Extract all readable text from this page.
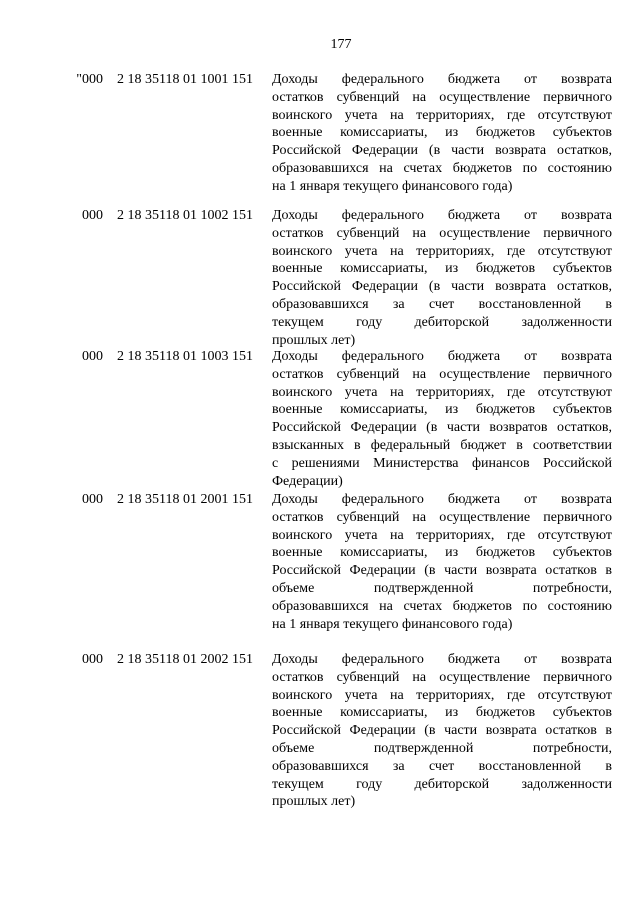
177
"000 2 18 35118 01 1001 151 Доходы федерального бюджета от возврата
остатков субвенций на осуществление первичного
воинского учета на территориях, где отсутствуют
военные комиссариаты, из бюджетов субъектов
Российской Федерации (в части возврата остатков,
образовавшихся на счетах бюджетов по состоянию
на 1 января текущего финансового года)
000 2 18 35118 01 1002 151 Доходы федерального бюджета от возврата
остатков субвенций на осуществление первичного
воинского учета на территориях, где отсутствуют
военные комиссариаты, из бюджетов субъектов
Российской Федерации (в части возврата остатков,
образовавшихся за счет восстановленной в
текущем году дебиторской задолженности
прошлых лет)
000 2 18 35118 01 1003 151 Доходы федерального бюджета от возврата
остатков субвенций на осуществление первичного
воинского учета на территориях, где отсутствуют
военные комиссариаты, из бюджетов субъектов
Российской Федерации (в части возвратов остатков,
взысканных в федеральный бюджет в соответствии
с решениями Министерства финансов Российской
Федерации)
000 2 18 35118 01 2001 151 Доходы федерального бюджета от возврата
остатков субвенций на осуществление первичного
воинского учета на территориях, где отсутствуют
военные комиссариаты, из бюджетов субъектов
Российской Федерации (в части возврата остатков в
объеме подтвержденной потребности,
образовавшихся на счетах бюджетов по состоянию
на 1 января текущего финансового года)
000 2 18 35118 01 2002 151 Доходы федерального бюджета от возврата
остатков субвенций на осуществление первичного
воинского учета на территориях, где отсутствуют
военные комиссариаты, из бюджетов субъектов
Российской Федерации (в части возврата остатков в
объеме подтвержденной потребности,
образовавшихся за счет восстановленной в
текущем году дебиторской задолженности
прошлых лет)
